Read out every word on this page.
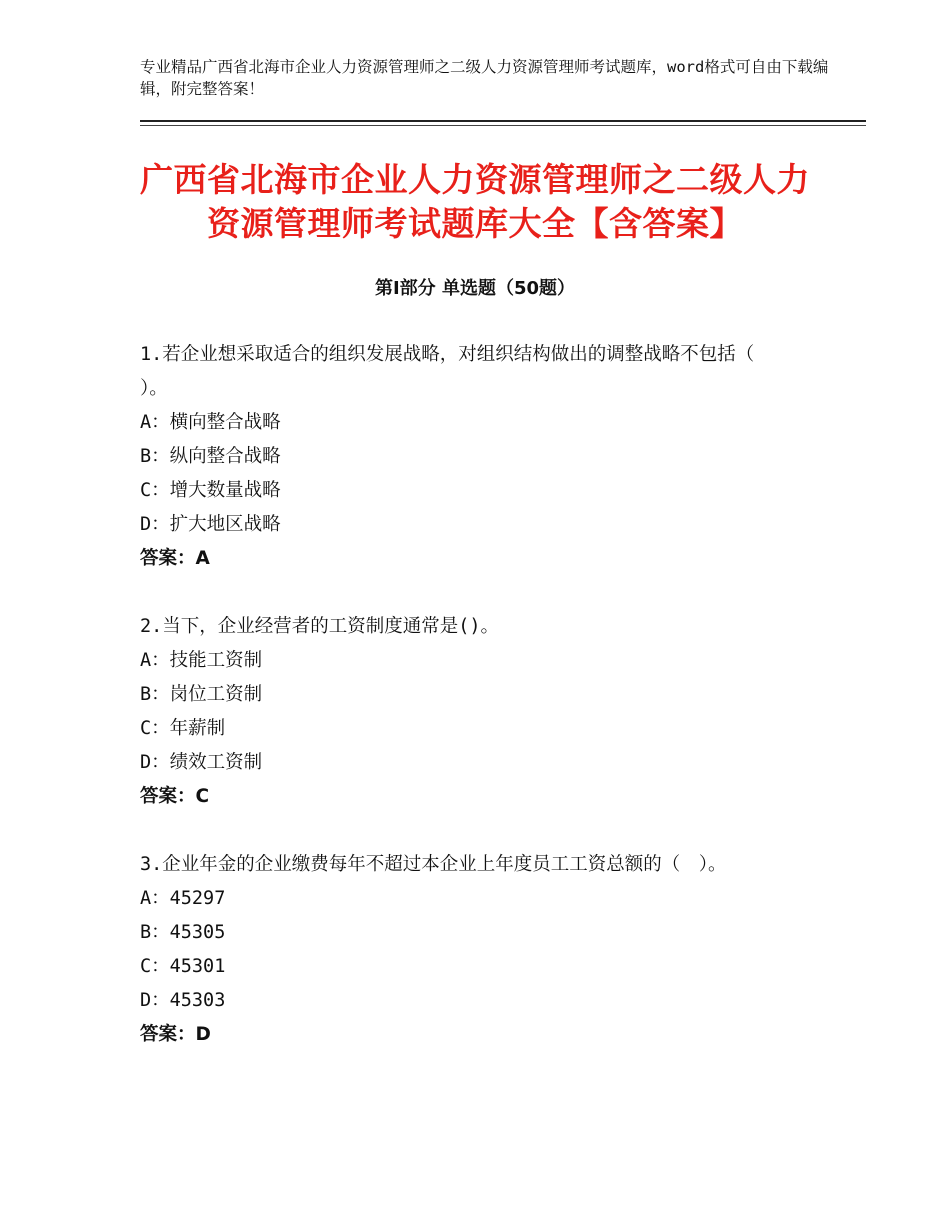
专业精品广西省北海市企业人力资源管理师之二级人力资源管理师考试题库，word格式可自由下载编辑，附完整答案！
广西省北海市企业人力资源管理师之二级人力资源管理师考试题库大全【含答案】
第Ⅰ部分 单选题（50题）
1.若企业想采取适合的组织发展战略，对组织结构做出的调整战略不包括（　　）。
A：横向整合战略
B：纵向整合战略
C：增大数量战略
D：扩大地区战略
答案：A
2.当下，企业经营者的工资制度通常是()。
A：技能工资制
B：岗位工资制
C：年薪制
D：绩效工资制
答案：C
3.企业年金的企业缴费每年不超过本企业上年度员工工资总额的（　）。
A：45297
B：45305
C：45301
D：45303
答案：D
